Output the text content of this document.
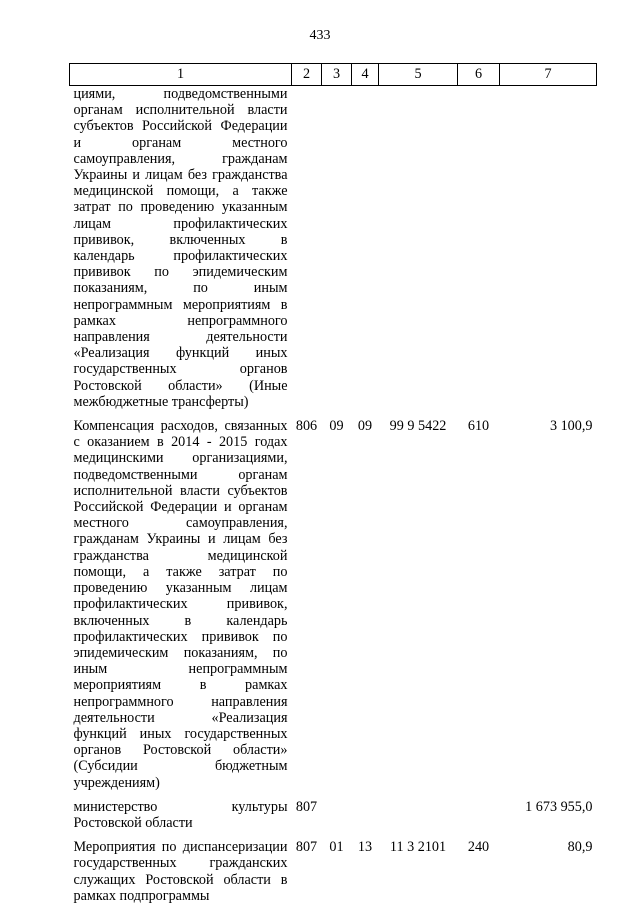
433
1	2	3	4	5	6	7
циями, подведомственными органам исполнительной власти субъектов Российской Федерации и органам местного самоуправления, гражданам Украины и лицам без гражданства медицинской помощи, а также затрат по проведению указанным лицам профилактических прививок, включенных в календарь профилактических прививок по эпидемическим показаниям, по иным непрограммным мероприятиям в рамках непрограммного направления деятельности «Реализация функций иных государственных органов Ростовской области» (Иные межбюджетные трансферты)						
Компенсация расходов, связанных с оказанием в 2014 - 2015 годах медицинскими организациями, подведомственными органам исполнительной власти субъектов Российской Федерации и органам местного самоуправления, гражданам Украины и лицам без гражданства медицинской помощи, а также затрат по проведению указанным лицам профилактических прививок, включенных в календарь профилактических прививок по эпидемическим показаниям, по иным непрограммным мероприятиям в рамках непрограммного направления деятельности «Реализация функций иных государственных органов Ростовской области» (Субсидии бюджетным учреждениям)	806	09	09	99 9 5422	610	3 100,9
министерство культуры Ростовской области	807					1 673 955,0
Мероприятия по диспансеризации государственных гражданских служащих Ростовской области в рамках подпрограммы	807	01	13	11 3 2101	240	80,9
